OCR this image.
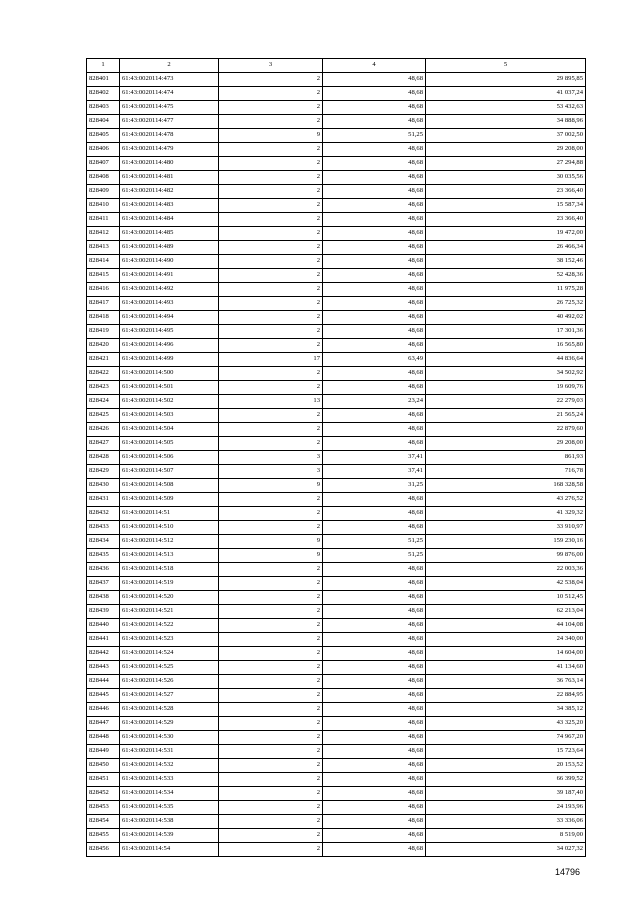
1	2	3	4	5
828401	61:43:0020114:473	2	48,68	29 895,85
828402	61:43:0020114:474	2	48,68	41 037,24
828403	61:43:0020114:475	2	48,68	53 432,63
828404	61:43:0020114:477	2	48,68	34 888,96
828405	61:43:0020114:478	9	51,25	37 002,50
828406	61:43:0020114:479	2	48,68	29 208,00
828407	61:43:0020114:480	2	48,68	27 294,88
828408	61:43:0020114:481	2	48,68	30 035,56
828409	61:43:0020114:482	2	48,68	23 366,40
828410	61:43:0020114:483	2	48,68	15 587,34
828411	61:43:0020114:484	2	48,68	23 366,40
828412	61:43:0020114:485	2	48,68	19 472,00
828413	61:43:0020114:489	2	48,68	26 466,34
828414	61:43:0020114:490	2	48,68	38 152,46
828415	61:43:0020114:491	2	48,68	52 428,36
828416	61:43:0020114:492	2	48,68	11 975,28
828417	61:43:0020114:493	2	48,68	26 725,32
828418	61:43:0020114:494	2	48,68	40 492,02
828419	61:43:0020114:495	2	48,68	17 301,36
828420	61:43:0020114:496	2	48,68	16 565,80
828421	61:43:0020114:499	17	63,49	44 836,64
828422	61:43:0020114:500	2	48,68	34 502,92
828423	61:43:0020114:501	2	48,68	19 609,76
828424	61:43:0020114:502	13	23,24	22 279,03
828425	61:43:0020114:503	2	48,68	21 565,24
828426	61:43:0020114:504	2	48,68	22 879,60
828427	61:43:0020114:505	2	48,68	29 208,00
828428	61:43:0020114:506	3	37,41	861,93
828429	61:43:0020114:507	3	37,41	716,78
828430	61:43:0020114:508	9	31,25	168 328,58
828431	61:43:0020114:509	2	48,68	43 276,52
828432	61:43:0020114:51	2	48,68	41 329,32
828433	61:43:0020114:510	2	48,68	33 910,97
828434	61:43:0020114:512	9	51,25	159 230,16
828435	61:43:0020114:513	9	51,25	99 876,00
828436	61:43:0020114:518	2	48,68	22 003,36
828437	61:43:0020114:519	2	48,68	42 538,04
828438	61:43:0020114:520	2	48,68	10 512,45
828439	61:43:0020114:521	2	48,68	62 213,04
828440	61:43:0020114:522	2	48,68	44 104,08
828441	61:43:0020114:523	2	48,68	24 340,00
828442	61:43:0020114:524	2	48,68	14 604,00
828443	61:43:0020114:525	2	48,68	41 134,60
828444	61:43:0020114:526	2	48,68	36 763,14
828445	61:43:0020114:527	2	48,68	22 884,95
828446	61:43:0020114:528	2	48,68	34 385,12
828447	61:43:0020114:529	2	48,68	43 325,20
828448	61:43:0020114:530	2	48,68	74 967,20
828449	61:43:0020114:531	2	48,68	15 723,64
828450	61:43:0020114:532	2	48,68	20 153,52
828451	61:43:0020114:533	2	48,68	66 399,52
828452	61:43:0020114:534	2	48,68	39 187,40
828453	61:43:0020114:535	2	48,68	24 193,96
828454	61:43:0020114:538	2	48,68	33 336,06
828455	61:43:0020114:539	2	48,68	8 519,00
828456	61:43:0020114:54	2	48,68	34 027,32
14796
